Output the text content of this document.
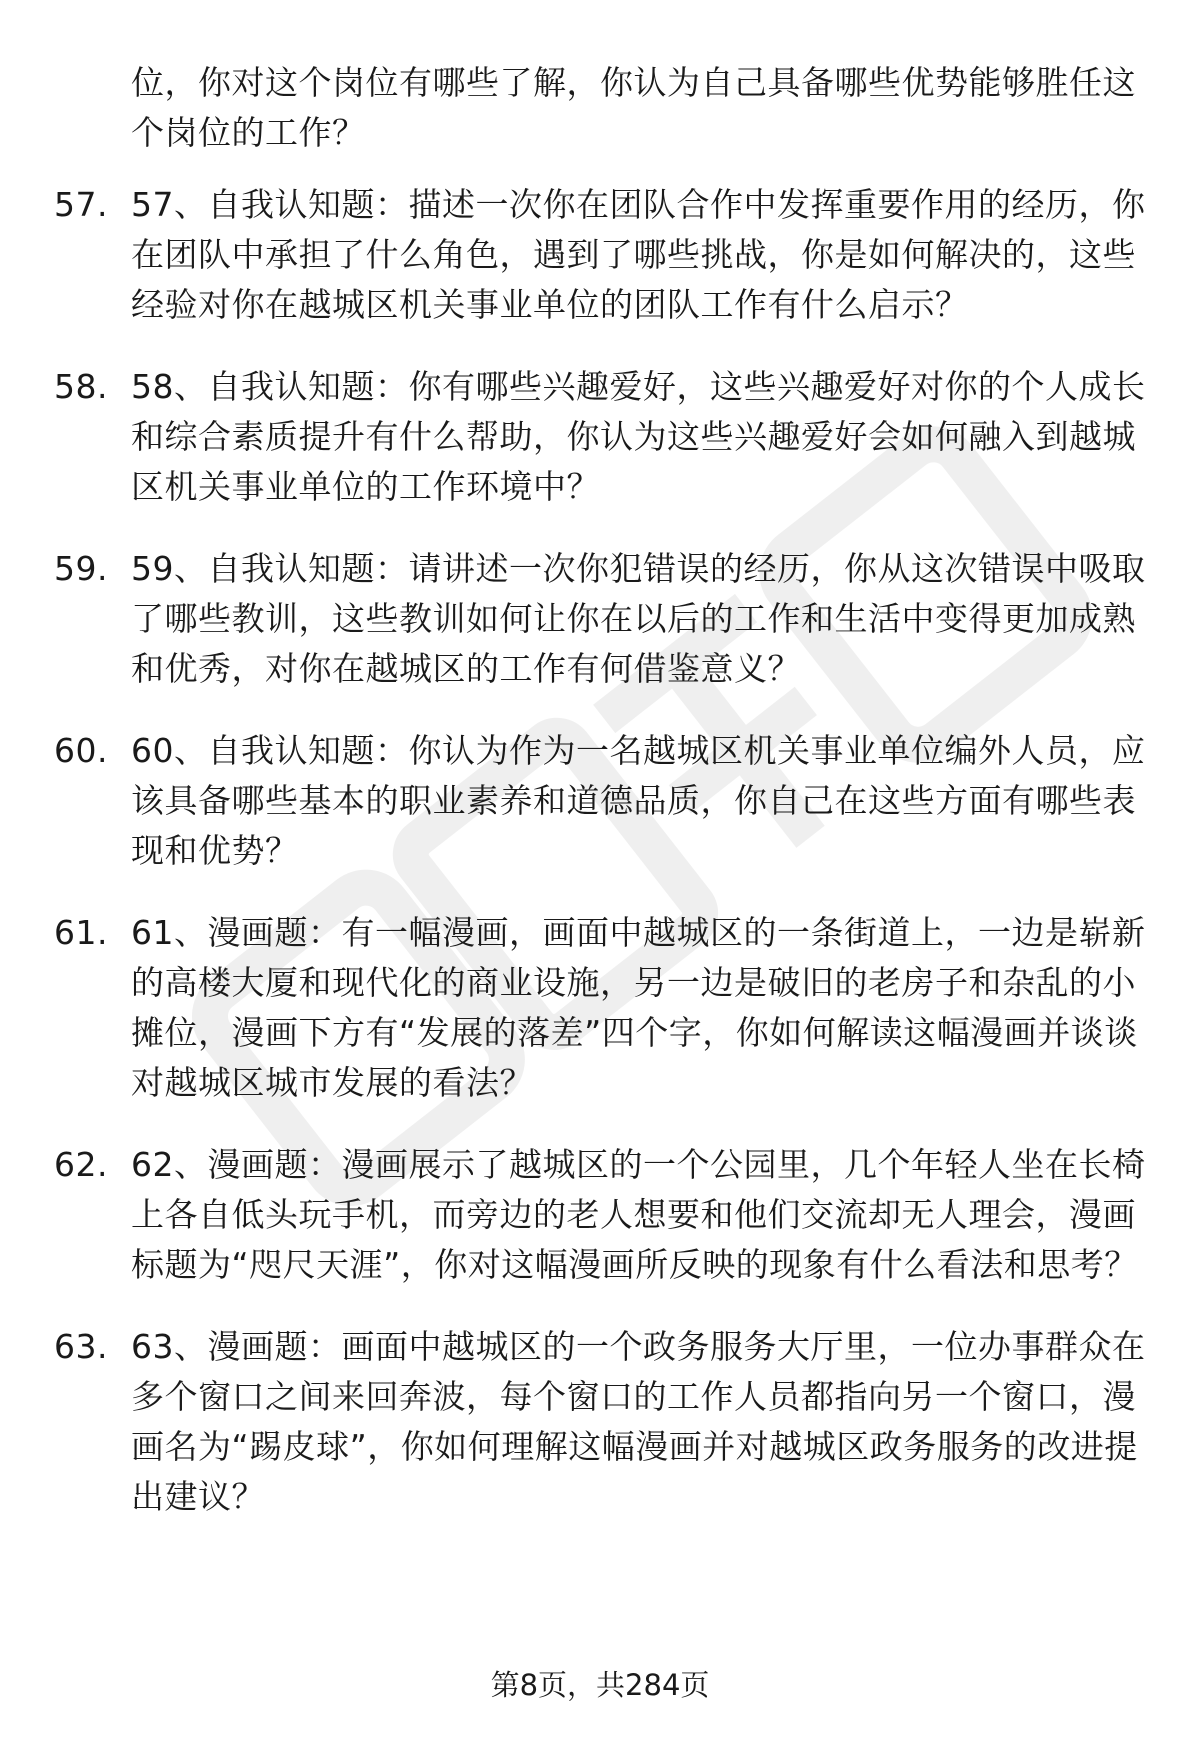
位，你对这个岗位有哪些了解，你认为自己具备哪些优势能够胜任这个岗位的工作？

57. 57、自我认知题：描述一次你在团队合作中发挥重要作用的经历，你在团队中承担了什么角色，遇到了哪些挑战，你是如何解决的，这些经验对你在越城区机关事业单位的团队工作有什么启示？
58. 58、自我认知题：你有哪些兴趣爱好，这些兴趣爱好对你的个人成长和综合素质提升有什么帮助，你认为这些兴趣爱好会如何融入到越城区机关事业单位的工作环境中？
59. 59、自我认知题：请讲述一次你犯错误的经历，你从这次错误中吸取了哪些教训，这些教训如何让你在以后的工作和生活中变得更加成熟和优秀，对你在越城区的工作有何借鉴意义？
60. 60、自我认知题：你认为作为一名越城区机关事业单位编外人员，应该具备哪些基本的职业素养和道德品质，你自己在这些方面有哪些表现和优势？
61. 61、漫画题：有一幅漫画，画面中越城区的一条街道上，一边是崭新的高楼大厦和现代化的商业设施，另一边是破旧的老房子和杂乱的小摊位，漫画下方有“发展的落差”四个字，你如何解读这幅漫画并谈谈对越城区城市发展的看法？
62. 62、漫画题：漫画展示了越城区的一个公园里，几个年轻人坐在长椅上各自低头玩手机，而旁边的老人想要和他们交流却无人理会，漫画标题为“咫尺天涯”，你对这幅漫画所反映的现象有什么看法和思考？
63. 63、漫画题：画面中越城区的一个政务服务大厅里，一位办事群众在多个窗口之间来回奔波，每个窗口的工作人员都指向另一个窗口，漫画名为“踢皮球”，你如何理解这幅漫画并对越城区政务服务的改进提出建议？
第8页，共284页
